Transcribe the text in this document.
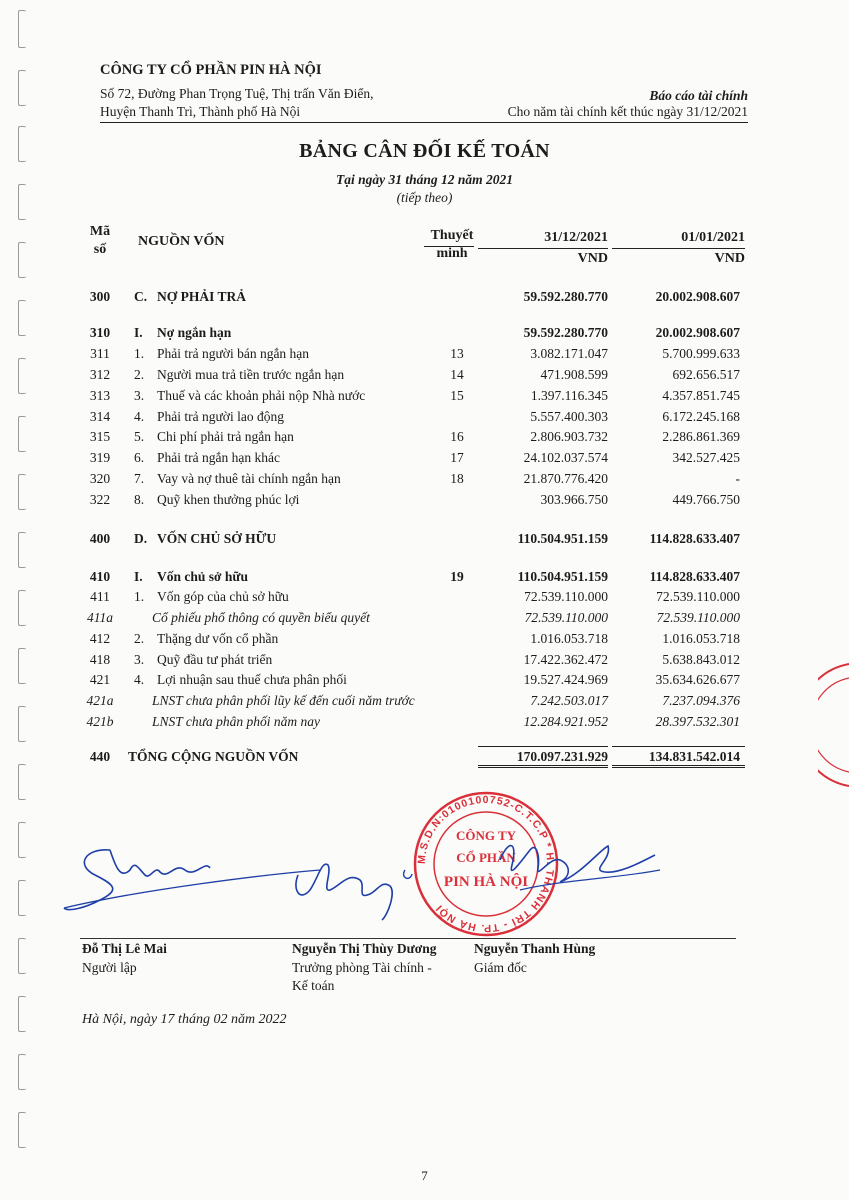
CÔNG TY CỔ PHẦN PIN HÀ NỘI
Số 72, Đường Phan Trọng Tuệ, Thị trấn Văn Điển,
Huyện Thanh Trì, Thành phố Hà Nội
Báo cáo tài chính
Cho năm tài chính kết thúc ngày 31/12/2021
BẢNG CÂN ĐỐI KẾ TOÁN
Tại ngày 31 tháng 12 năm 2021
(tiếp theo)
Mã
số
NGUỒN VỐN	Thuyết
minh
31/12/2021
VND
01/01/2021
VND
300	C. NỢ PHẢI TRẢ	59.592.280.770	20.002.908.607
310	I. Nợ ngắn hạn	59.592.280.770	20.002.908.607
311	1. Phải trả người bán ngắn hạn	13	3.082.171.047	5.700.999.633
312	2. Người mua trả tiền trước ngắn hạn	14	471.908.599	692.656.517
313	3. Thuế và các khoản phải nộp Nhà nước	15	1.397.116.345	4.357.851.745
314	4. Phải trả người lao động	5.557.400.303	6.172.245.168
315	5. Chi phí phải trả ngắn hạn	16	2.806.903.732	2.286.861.369
319	6. Phải trả ngắn hạn khác	17	24.102.037.574	342.527.425
320	7. Vay và nợ thuê tài chính ngắn hạn	18	21.870.776.420	-
322	8. Quỹ khen thưởng phúc lợi	303.966.750	449.766.750
400	D. VỐN CHỦ SỞ HỮU	110.504.951.159	114.828.633.407
410	I. Vốn chủ sở hữu	19	110.504.951.159	114.828.633.407
411	1. Vốn góp của chủ sở hữu	72.539.110.000	72.539.110.000
411a	Cổ phiếu phổ thông có quyền biểu quyết	72.539.110.000	72.539.110.000
412	2. Thặng dư vốn cổ phần	1.016.053.718	1.016.053.718
418	3. Quỹ đầu tư phát triển	17.422.362.472	5.638.843.012
421	4. Lợi nhuận sau thuế chưa phân phối	19.527.424.969	35.634.626.677
421a	LNST chưa phân phối lũy kế đến cuối năm trước	7.242.503.017	7.237.094.376
421b	LNST chưa phân phối năm nay	12.284.921.952	28.397.532.301
440	TỔNG CỘNG NGUỒN VỐN	170.097.231.929	134.831.542.014
M.S.D.N:0100100752-C.T.C.P * H. THANH TRÌ - TP. HÀ NỘI
CÔNG TY
CỔ PHẦN
PIN HÀ NỘI
Đỗ Thị Lê Mai
Người lập
Nguyễn Thị Thùy Dương
Trưởng phòng Tài chính -
Kế toán
Nguyễn Thanh Hùng
Giám đốc
Hà Nội, ngày 17 tháng 02 năm 2022
7
